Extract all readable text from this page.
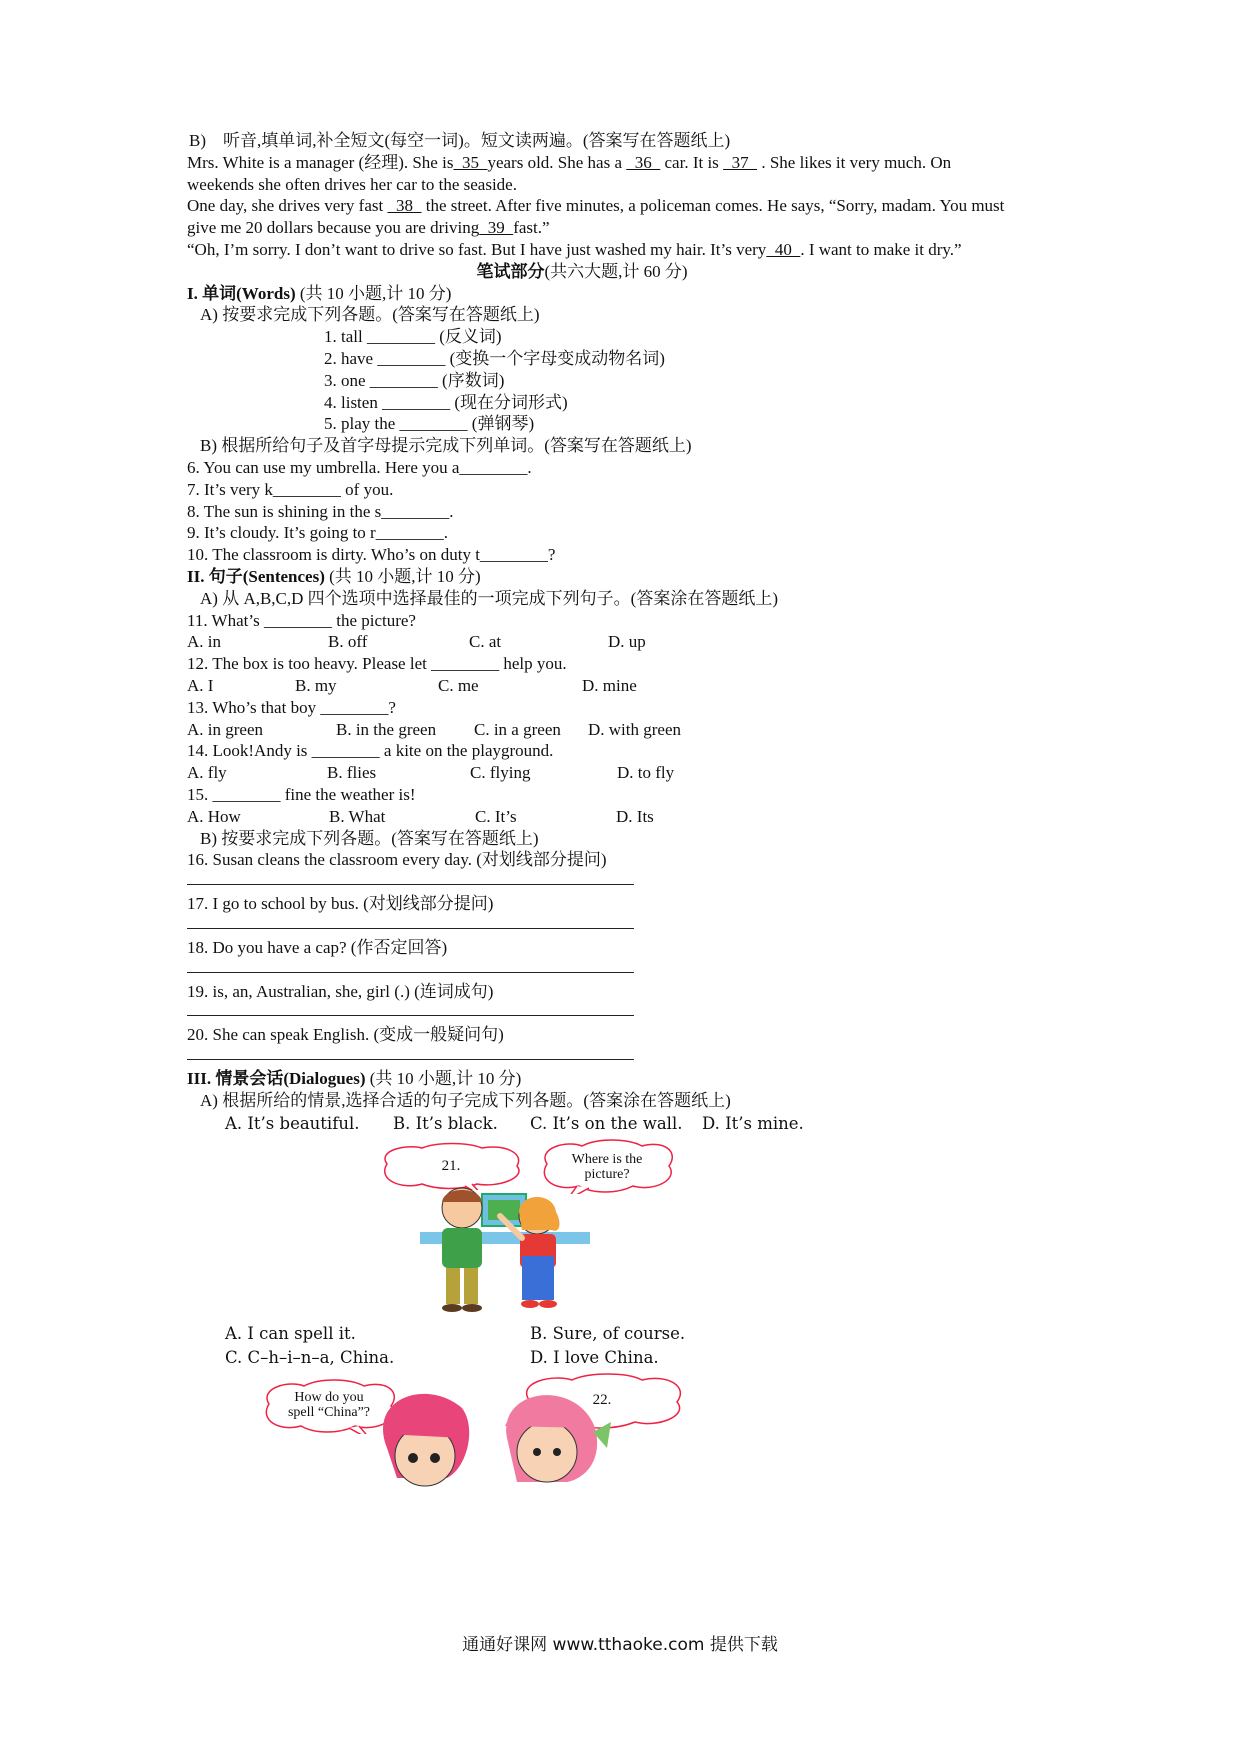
B)　听音,填单词,补全短文(每空一词)。短文读两遍。(答案写在答题纸上)
Mrs. White is a manager (经理). She is  35  years old. She has a   36   car. It is   37   . She likes it very much. On
weekends she often drives her car to the seaside.
One day, she drives very fast   38   the street. After five minutes, a policeman comes. He says, “Sorry, madam. You must
give me 20 dollars because you are driving  39  fast.”
“Oh, I’m sorry. I don’t want to drive so fast. But I have just washed my hair. It’s very  40  . I want to make it dry.”
笔试部分(共六大题,计 60 分)
I. 单词(Words) (共 10 小题,计 10 分)
A) 按要求完成下列各题。(答案写在答题纸上)
1. tall ________ (反义词)
2. have ________ (变换一个字母变成动物名词)
3. one ________ (序数词)
4. listen ________ (现在分词形式)
5. play the ________ (弹钢琴)
B) 根据所给句子及首字母提示完成下列单词。(答案写在答题纸上)
6. You can use my umbrella. Here you a________.
7. It’s very k________ of you.
8. The sun is shining in the s________.
9. It’s cloudy. It’s going to r________.
10. The classroom is dirty. Who’s on duty t________?
II. 句子(Sentences) (共 10 小题,计 10 分)
A) 从 A,B,C,D 四个选项中选择最佳的一项完成下列句子。(答案涂在答题纸上)
11. What’s ________ the picture?
A. in	B. off	C. at	D. up
12. The box is too heavy. Please let ________ help you.
A. I	B. my	C. me	D. mine
13. Who’s that boy ________?
A. in green	B. in the green	C. in a green	D. with green
14. Look!Andy is ________ a kite on the playground.
A. fly	B. flies	C. flying	D. to fly
15. ________ fine the weather is!
A. How	B. What	C. It’s	D. Its
B) 按要求完成下列各题。(答案写在答题纸上)
16. Susan cleans the classroom every day. (对划线部分提问)
17. I go to school by bus. (对划线部分提问)
18. Do you have a cap? (作否定回答)
19. is, an, Australian, she, girl (.) (连词成句)
20. She can speak English. (变成一般疑问句)
III. 情景会话(Dialogues) (共 10 小题,计 10 分)
A) 根据所给的情景,选择合适的句子完成下列各题。(答案涂在答题纸上)
A. It’s beautiful.	B. It’s black.	C. It’s on the wall.	D. It’s mine.
21.	Where is the
picture?
A. I can spell it.	B. Sure, of course.
C. C–h–i–n–a, China.	D. I love China.
How do you
spell “China”?
22.
通通好课网 www.tthaoke.com 提供下载
